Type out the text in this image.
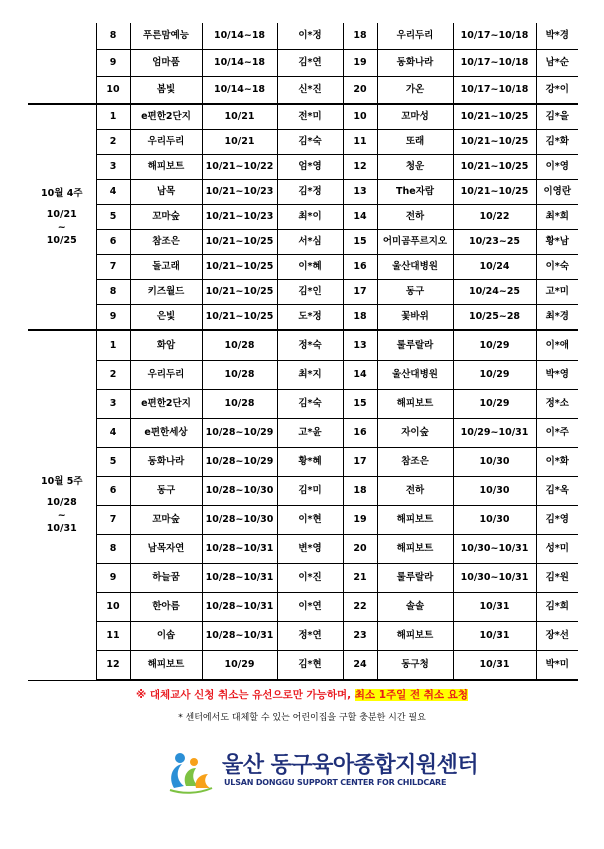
	8	푸른맘예능	10/14~18	이*정	18	우리두리	10/17~10/18	박*경
	9	엄마품	10/14~18	김*연	19	동화나라	10/17~10/18	남*순
	10	봄빛	10/14~18	신*진	20	가온	10/17~10/18	강*이

10월 4주
10/21
~
10/25	1	e편한2단지	10/21	전*미	10	꼬마성	10/21~10/25	김*을
	2	우리두리	10/21	김*숙	11	또래	10/21~10/25	김*화
	3	해피보트	10/21~10/22	엄*영	12	청운	10/21~10/25	이*영
	4	남목	10/21~10/23	김*정	13	The자람	10/21~10/25	이영란
	5	꼬마숲	10/21~10/23	최*이	14	전하	10/22	최*희
	6	참조은	10/21~10/25	서*심	15	어미곰푸르지오	10/23~25	황*남
	7	돌고래	10/21~10/25	이*혜	16	울산대병원	10/24	이*숙
	8	키즈월드	10/21~10/25	김*인	17	동구	10/24~25	고*미
	9	은빛	10/21~10/25	도*정	18	꽃바위	10/25~28	최*경

10월 5주
10/28
~
10/31	1	화암	10/28	정*숙	13	룰루랄라	10/29	이*애
	2	우리두리	10/28	최*지	14	울산대병원	10/29	박*영
	3	e편한2단지	10/28	김*숙	15	해피보트	10/29	정*소
	4	e편한세상	10/28~10/29	고*윤	16	자이숲	10/29~10/31	이*주
	5	동화나라	10/28~10/29	황*혜	17	참조은	10/30	이*화
	6	동구	10/28~10/30	김*미	18	전하	10/30	김*옥
	7	꼬마숲	10/28~10/30	이*현	19	해피보트	10/30	김*영
	8	남목자연	10/28~10/31	변*영	20	해피보트	10/30~10/31	성*미
	9	하늘꿈	10/28~10/31	이*진	21	룰루랄라	10/30~10/31	김*원
	10	한아름	10/28~10/31	이*연	22	솔솔	10/31	김*희
	11	이솝	10/28~10/31	정*연	23	해피보트	10/31	장*선
	12	해피보트	10/29	김*현	24	동구청	10/31	박*미
※ 대체교사 신청 취소는 유선으로만 가능하며, 최소 1주일 전 취소 요청
* 센터에서도 대체할 수 있는 어린이집을 구할 충분한 시간 필요
울산 동구육아종합지원센터
ULSAN DONGGU SUPPORT CENTER FOR CHILDCARE
